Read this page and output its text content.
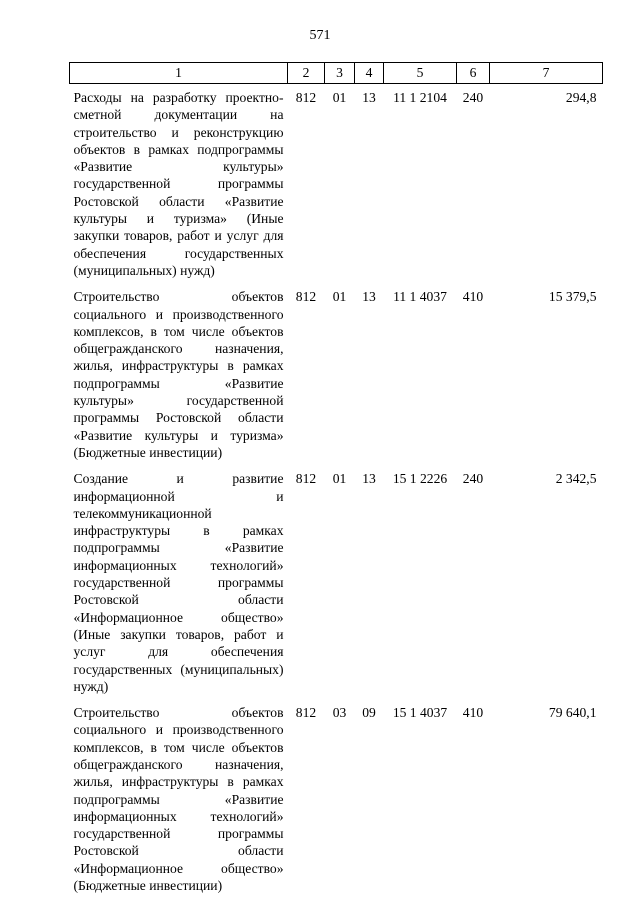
571
1	2	3	4	5	6	7
Расходы на разработку проектно-сметной документации на строительство и реконструкцию объектов в рамках подпрограммы «Развитие культуры» государственной программы Ростовской области «Развитие культуры и туризма» (Иные закупки товаров, работ и услуг для обеспечения государственных (муниципальных) нужд)	812	01	13	11 1 2104	240	294,8
Строительство объектов социального и производственного комплексов, в том числе объектов общегражданского назначения, жилья, инфраструктуры в рамках подпрограммы «Развитие культуры» государственной программы Ростовской области «Развитие культуры и туризма» (Бюджетные инвестиции)	812	01	13	11 1 4037	410	15 379,5
Создание и развитие информационной и телекоммуникационной инфраструктуры в рамках подпрограммы «Развитие информационных технологий» государственной программы Ростовской области «Информационное общество» (Иные закупки товаров, работ и услуг для обеспечения государственных (муниципальных) нужд)	812	01	13	15 1 2226	240	2 342,5
Строительство объектов социального и производственного комплексов, в том числе объектов общегражданского назначения, жилья, инфраструктуры в рамках подпрограммы «Развитие информационных технологий» государственной программы Ростовской области «Информационное общество» (Бюджетные инвестиции)	812	03	09	15 1 4037	410	79 640,1
